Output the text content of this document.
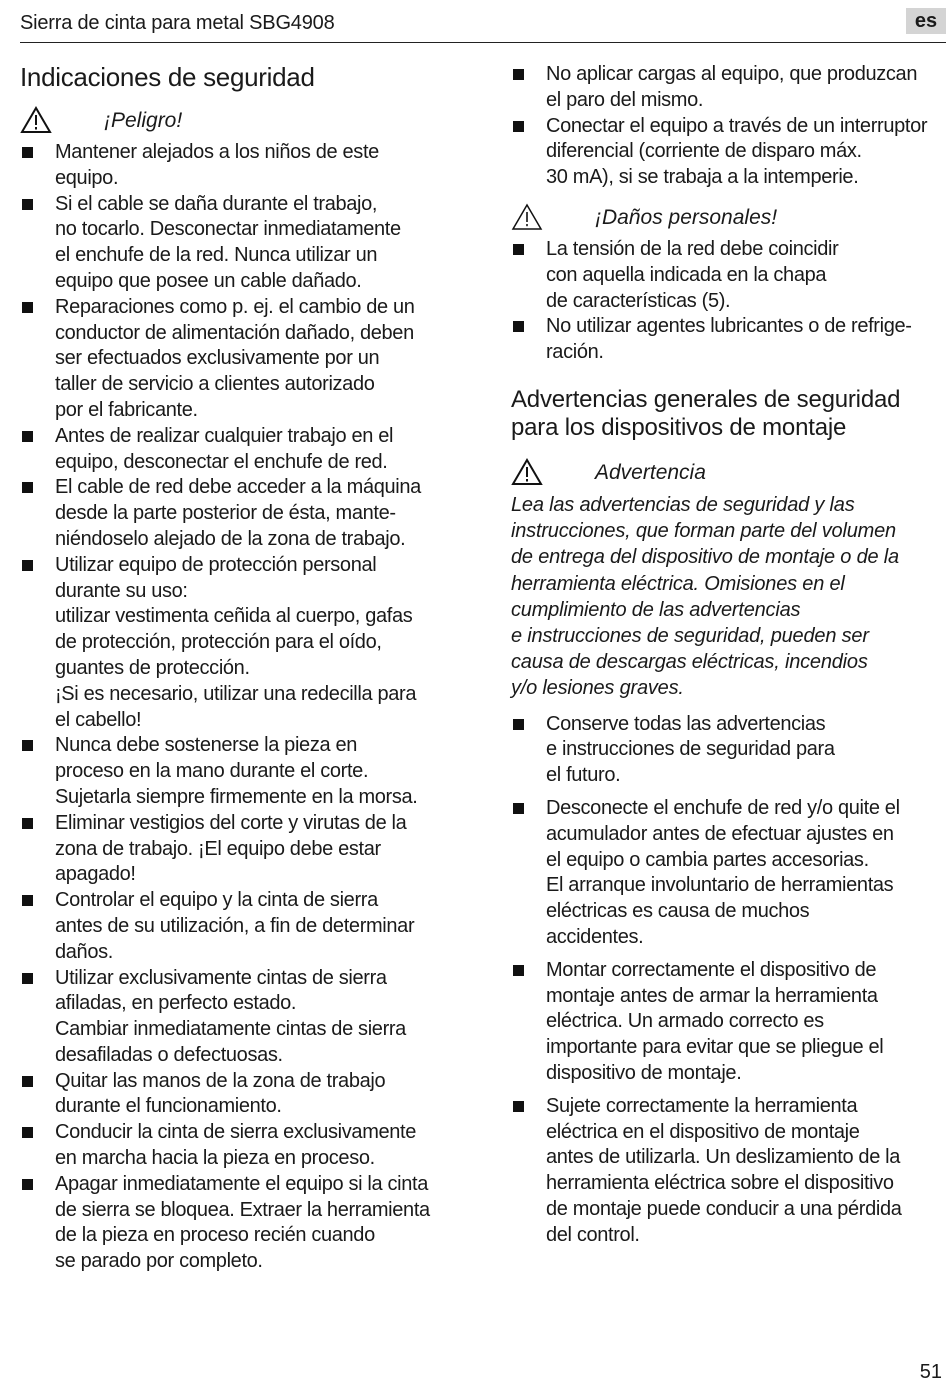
Sierra de cinta para metal SBG4908	es
Indicaciones de seguridad
¡Peligro!
Mantener alejados a los niños de este
equipo.
Si el cable se daña durante el trabajo,
no tocarlo. Desconectar inmediatamente
el enchufe de la red. Nunca utilizar un
equipo que posee un cable dañado.
Reparaciones como p. ej. el cambio de un
conductor de alimentación dañado, deben
ser efectuados exclusivamente por un
taller de servicio a clientes autorizado
por el fabricante.
Antes de realizar cualquier trabajo en el
equipo, desconectar el enchufe de red.
El cable de red debe acceder a la máquina
desde la parte posterior de ésta, mante-
niéndoselo alejado de la zona de trabajo.
Utilizar equipo de protección personal
durante su uso:
utilizar vestimenta ceñida al cuerpo, gafas
de protección, protección para el oído,
guantes de protección.
¡Si es necesario, utilizar una redecilla para
el cabello!
Nunca debe sostenerse la pieza en
proceso en la mano durante el corte.
Sujetarla siempre firmemente en la morsa.
Eliminar vestigios del corte y virutas de la
zona de trabajo. ¡El equipo debe estar
apagado!
Controlar el equipo y la cinta de sierra
antes de su utilización, a fin de determinar
daños.
Utilizar exclusivamente cintas de sierra
afiladas, en perfecto estado.
Cambiar inmediatamente cintas de sierra
desafiladas o defectuosas.
Quitar las manos de la zona de trabajo
durante el funcionamiento.
Conducir la cinta de sierra exclusivamente
en marcha hacia la pieza en proceso.
Apagar inmediatamente el equipo si la cinta
de sierra se bloquea. Extraer la herramienta
de la pieza en proceso recién cuando
se parado por completo.
No aplicar cargas al equipo, que produzcan
el paro del mismo.
Conectar el equipo a través de un interruptor
diferencial (corriente de disparo máx.
30 mA), si se trabaja a la intemperie.
¡Daños personales!
La tensión de la red debe coincidir
con aquella indicada en la chapa
de características (5).
No utilizar agentes lubricantes o de refrige-
ración.
Advertencias generales de seguridad
para los dispositivos de montaje
Advertencia
Lea las advertencias de seguridad y las
instrucciones, que forman parte del volumen
de entrega del dispositivo de montaje o de la
herramienta eléctrica. Omisiones en el
cumplimiento de las advertencias
e instrucciones de seguridad, pueden ser
causa de descargas eléctricas, incendios
y/o lesiones graves.
Conserve todas las advertencias
e instrucciones de seguridad para
el futuro.
Desconecte el enchufe de red y/o quite el
acumulador antes de efectuar ajustes en
el equipo o cambia partes accesorias.
El arranque involuntario de herramientas
eléctricas es causa de muchos
accidentes.
Montar correctamente el dispositivo de
montaje antes de armar la herramienta
eléctrica. Un armado correcto es
importante para evitar que se pliegue el
dispositivo de montaje.
Sujete correctamente la herramienta
eléctrica en el dispositivo de montaje
antes de utilizarla. Un deslizamiento de la
herramienta eléctrica sobre el dispositivo
de montaje puede conducir a una pérdida
del control.
51
